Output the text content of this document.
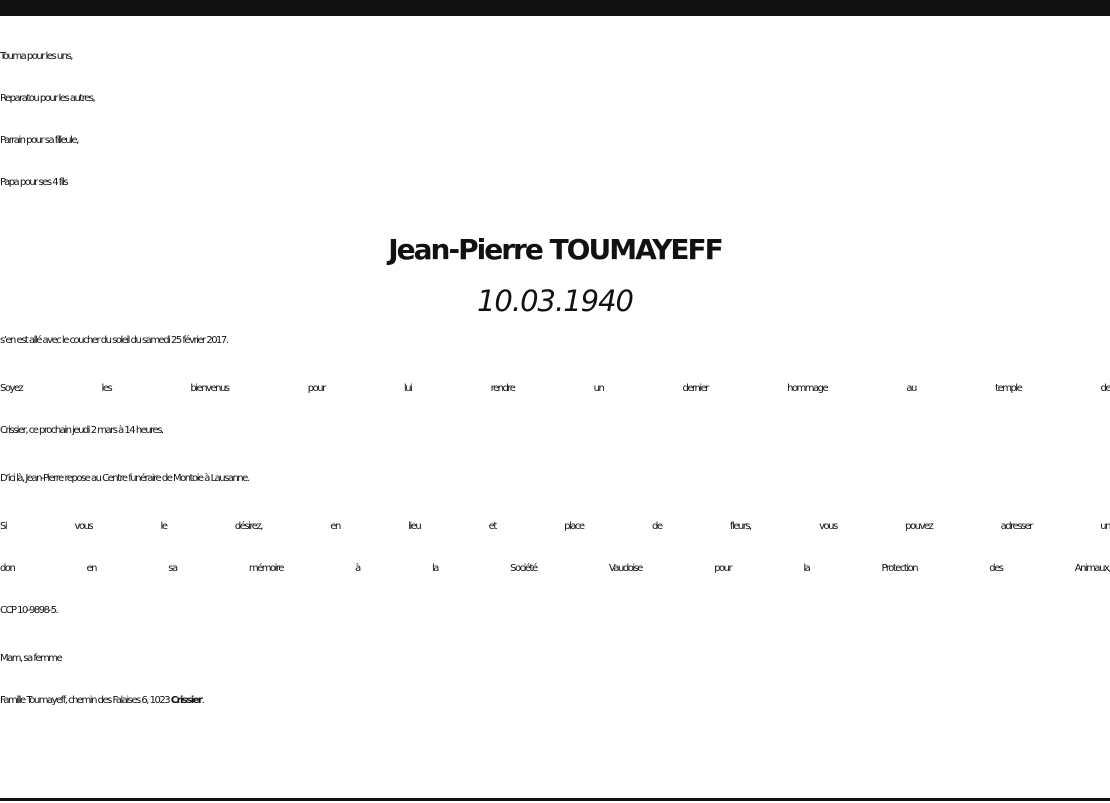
Touma pour les uns,
Reparatou pour les autres,
Parrain pour sa filleule,
Papa pour ses 4 fils
Jean-Pierre TOUMAYEFF
10.03.1940
s’en est allé avec le coucher du soleil du samedi 25 février 2017.
Soyez les bienvenus pour lui rendre un dernier hommage au temple de
Crissier, ce prochain jeudi 2 mars à 14 heures.
D’ici là, Jean-Pierre repose au Centre funéraire de Montoie à Lausanne.
Si vous le désirez, en lieu et place de fleurs, vous pouvez adresser un
don en sa mémoire à la Société Vaudoise pour la Protection des Animaux,
CCP 10-9898-5.
Mam, sa femme
Famille Toumayeff, chemin des Falaises 6, 1023 Crissier.
